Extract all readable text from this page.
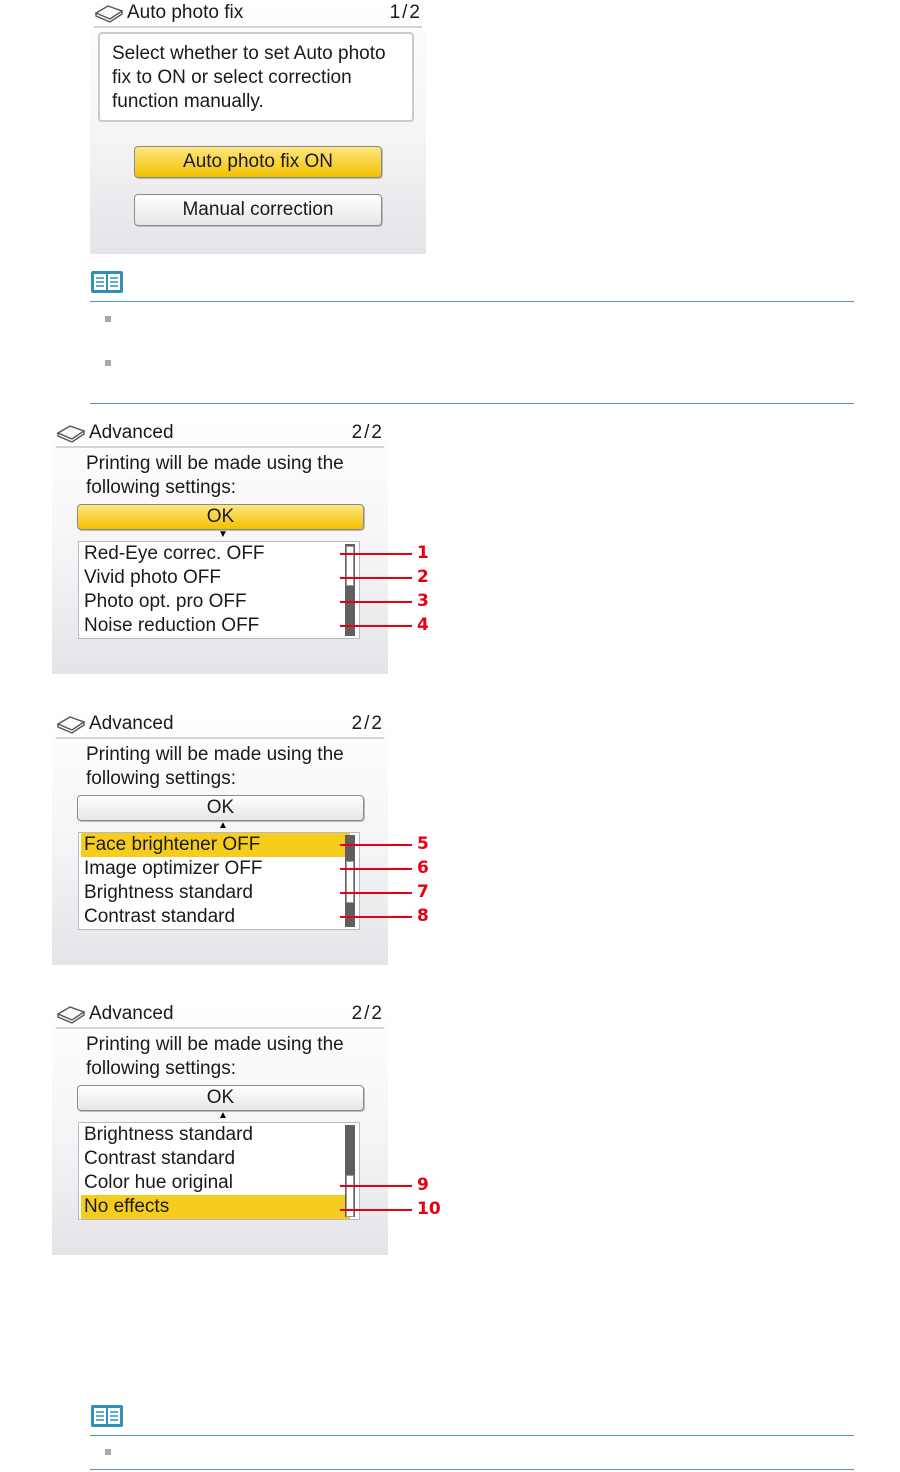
Auto photo fix	1/2
Select whether to set Auto photo fix to ON or select correction function manually.
Auto photo fix ON
Manual correction
Advanced	2/2
Printing will be made using the
following settings:
OK
▼
Red-Eye correc. OFF
Vivid photo OFF
Photo opt. pro OFF
Noise reduction OFF
1
2
3
4
Advanced	2/2
Printing will be made using the
following settings:
OK
▲
Face brightener OFF
Image optimizer OFF
Brightness standard
Contrast standard
5
6
7
8
Advanced	2/2
Printing will be made using the
following settings:
OK
▲
Brightness standard
Contrast standard
Color hue original
No effects
9
10
